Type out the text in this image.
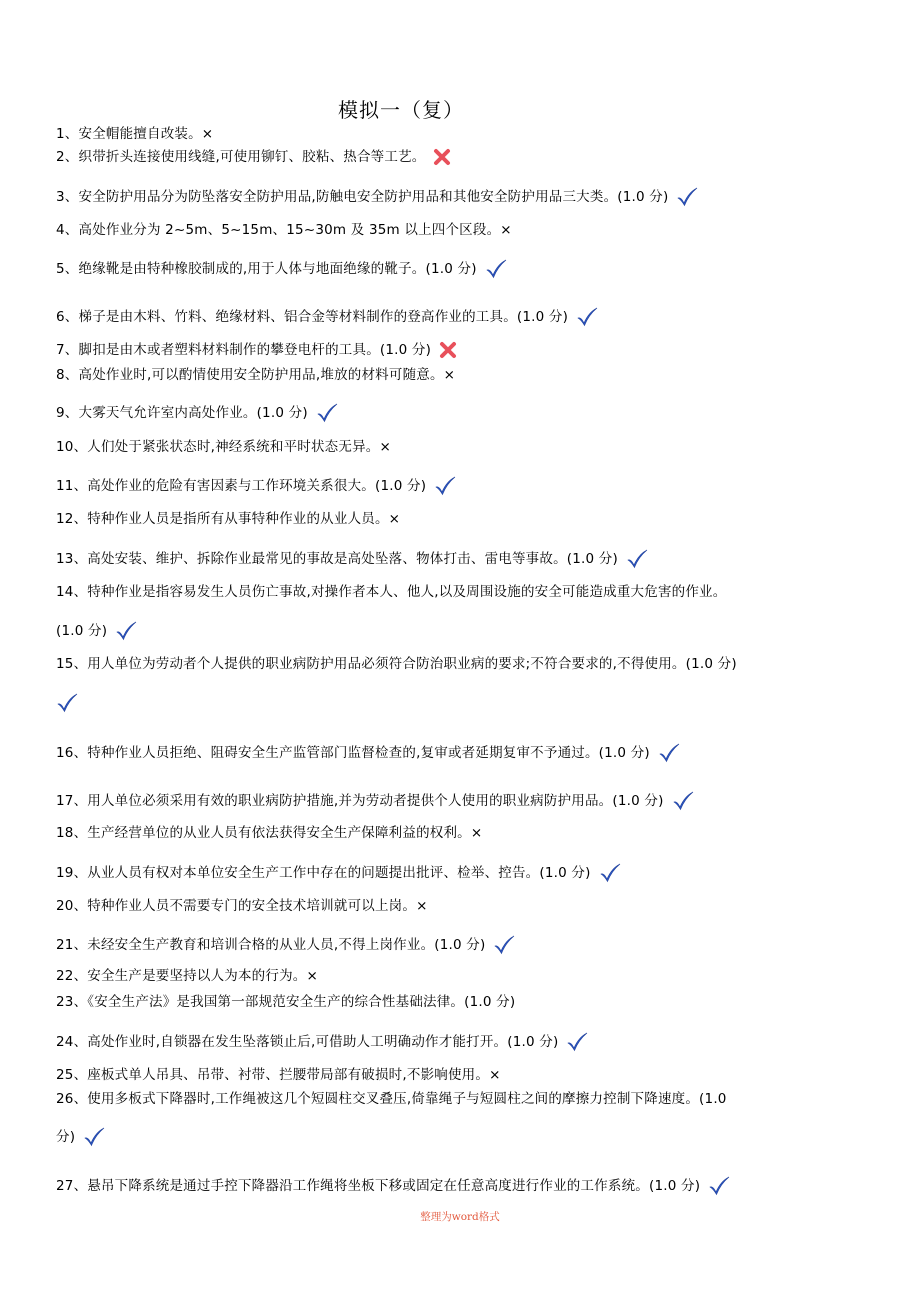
模拟一（复）
1、安全帽能擅自改装。×
2、织带折头连接使用线缝,可使用铆钉、胶粘、热合等工艺。
3、安全防护用品分为防坠落安全防护用品,防触电安全防护用品和其他安全防护用品三大类。(1.0 分)
4、高处作业分为 2~5m、5~15m、15~30m 及 35m 以上四个区段。×
5、绝缘靴是由特种橡胶制成的,用于人体与地面绝缘的靴子。(1.0 分)
6、梯子是由木料、竹料、绝缘材料、铝合金等材料制作的登高作业的工具。(1.0 分)
7、脚扣是由木或者塑料材料制作的攀登电杆的工具。(1.0 分)
8、高处作业时,可以酌情使用安全防护用品,堆放的材料可随意。×
9、大雾天气允许室内高处作业。(1.0 分)
10、人们处于紧张状态时,神经系统和平时状态无异。×
11、高处作业的危险有害因素与工作环境关系很大。(1.0 分)
12、特种作业人员是指所有从事特种作业的从业人员。×
13、高处安装、维护、拆除作业最常见的事故是高处坠落、物体打击、雷电等事故。(1.0 分)
14、特种作业是指容易发生人员伤亡事故,对操作者本人、他人,以及周围设施的安全可能造成重大危害的作业。
(1.0 分)
15、用人单位为劳动者个人提供的职业病防护用品必须符合防治职业病的要求;不符合要求的,不得使用。(1.0 分)
16、特种作业人员拒绝、阻碍安全生产监管部门监督检查的,复审或者延期复审不予通过。(1.0 分)
17、用人单位必须采用有效的职业病防护措施,并为劳动者提供个人使用的职业病防护用品。(1.0 分)
18、生产经营单位的从业人员有依法获得安全生产保障利益的权利。×
19、从业人员有权对本单位安全生产工作中存在的问题提出批评、检举、控告。(1.0 分)
20、特种作业人员不需要专门的安全技术培训就可以上岗。×
21、未经安全生产教育和培训合格的从业人员,不得上岗作业。(1.0 分)
22、安全生产是要坚持以人为本的行为。×
23、《安全生产法》是我国第一部规范安全生产的综合性基础法律。(1.0 分)
24、高处作业时,自锁器在发生坠落锁止后,可借助人工明确动作才能打开。(1.0 分)
25、座板式单人吊具、吊带、衬带、拦腰带局部有破损时,不影响使用。×
26、使用多板式下降器时,工作绳被这几个短圆柱交叉叠压,倚靠绳子与短圆柱之间的摩擦力控制下降速度。(1.0
分)
27、悬吊下降系统是通过手控下降器沿工作绳将坐板下移或固定在任意高度进行作业的工作系统。(1.0 分)
整理为word格式
